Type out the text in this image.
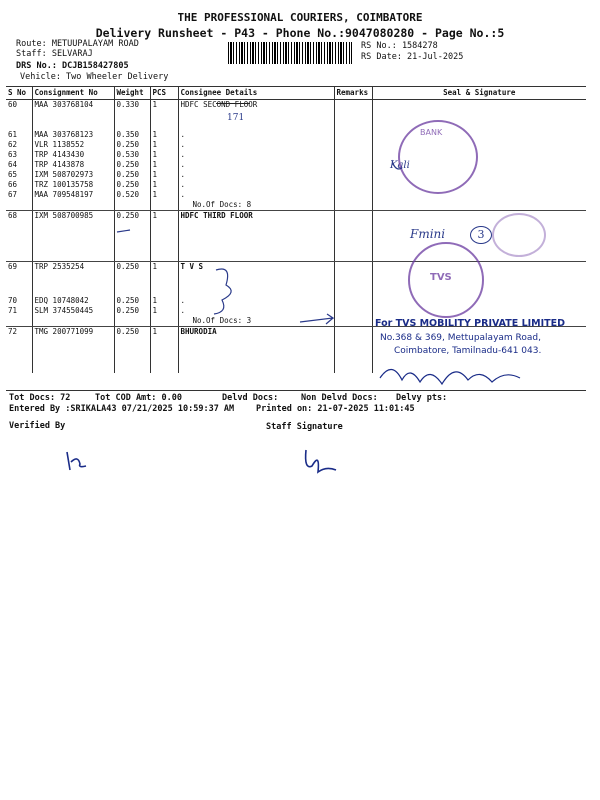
THE PROFESSIONAL COURIERS, COIMBATORE
Delivery Runsheet - P43 - Phone No.:9047080280 - Page No.:5
Route: METUUPALAYAM ROAD
Staff: SELVARAJ
DRS No.: DCJB158427805
Vehicle: Two Wheeler Delivery
RS No.: 1584278
RS Date: 21-Jul-2025
S No	Consignment No	Weight	PCS	Consignee Details	Remarks	Seal & Signature
60	MAA 303768104	0.330	1	HDFC SECOND FLOOR		

61	MAA 303768123	0.350	1	.		
62	VLR 1138552	0.250	1	.		
63	TRP 4143430	0.530	1	.		
64	TRP 4143878	0.250	1	.		
65	IXM 508702973	0.250	1	.		
66	TRZ 100135758	0.250	1	.		
67	MAA 709548197	0.520	1	.		
				No.Of Docs: 8		
68	IXM 508700985	0.250	1	HDFC THIRD FLOOR		
69	TRP 2535254	0.250	1	T V S		

70	EDQ 10748042	0.250	1	.		
71	SLM 374550445	0.250	1	.		
				No.Of Docs: 3		
72	TMG 200771099	0.250	1	BHURODIA		
Tot Docs: 72	Tot COD Amt: 0.00	Delvd Docs:	Non Delvd Docs: Delvy pts:
Entered By :SRIKALA43 07/21/2025 10:59:37 AM	Printed on: 21-07-2025 11:01:45
Verified By	Staff Signature
171
Kali
Fmini	3
BANK
TVS
For TVS MOBILITY PRIVATE LIMITED
No.368 & 369, Mettupalayam Road,
Coimbatore, Tamilnadu-641 043.
